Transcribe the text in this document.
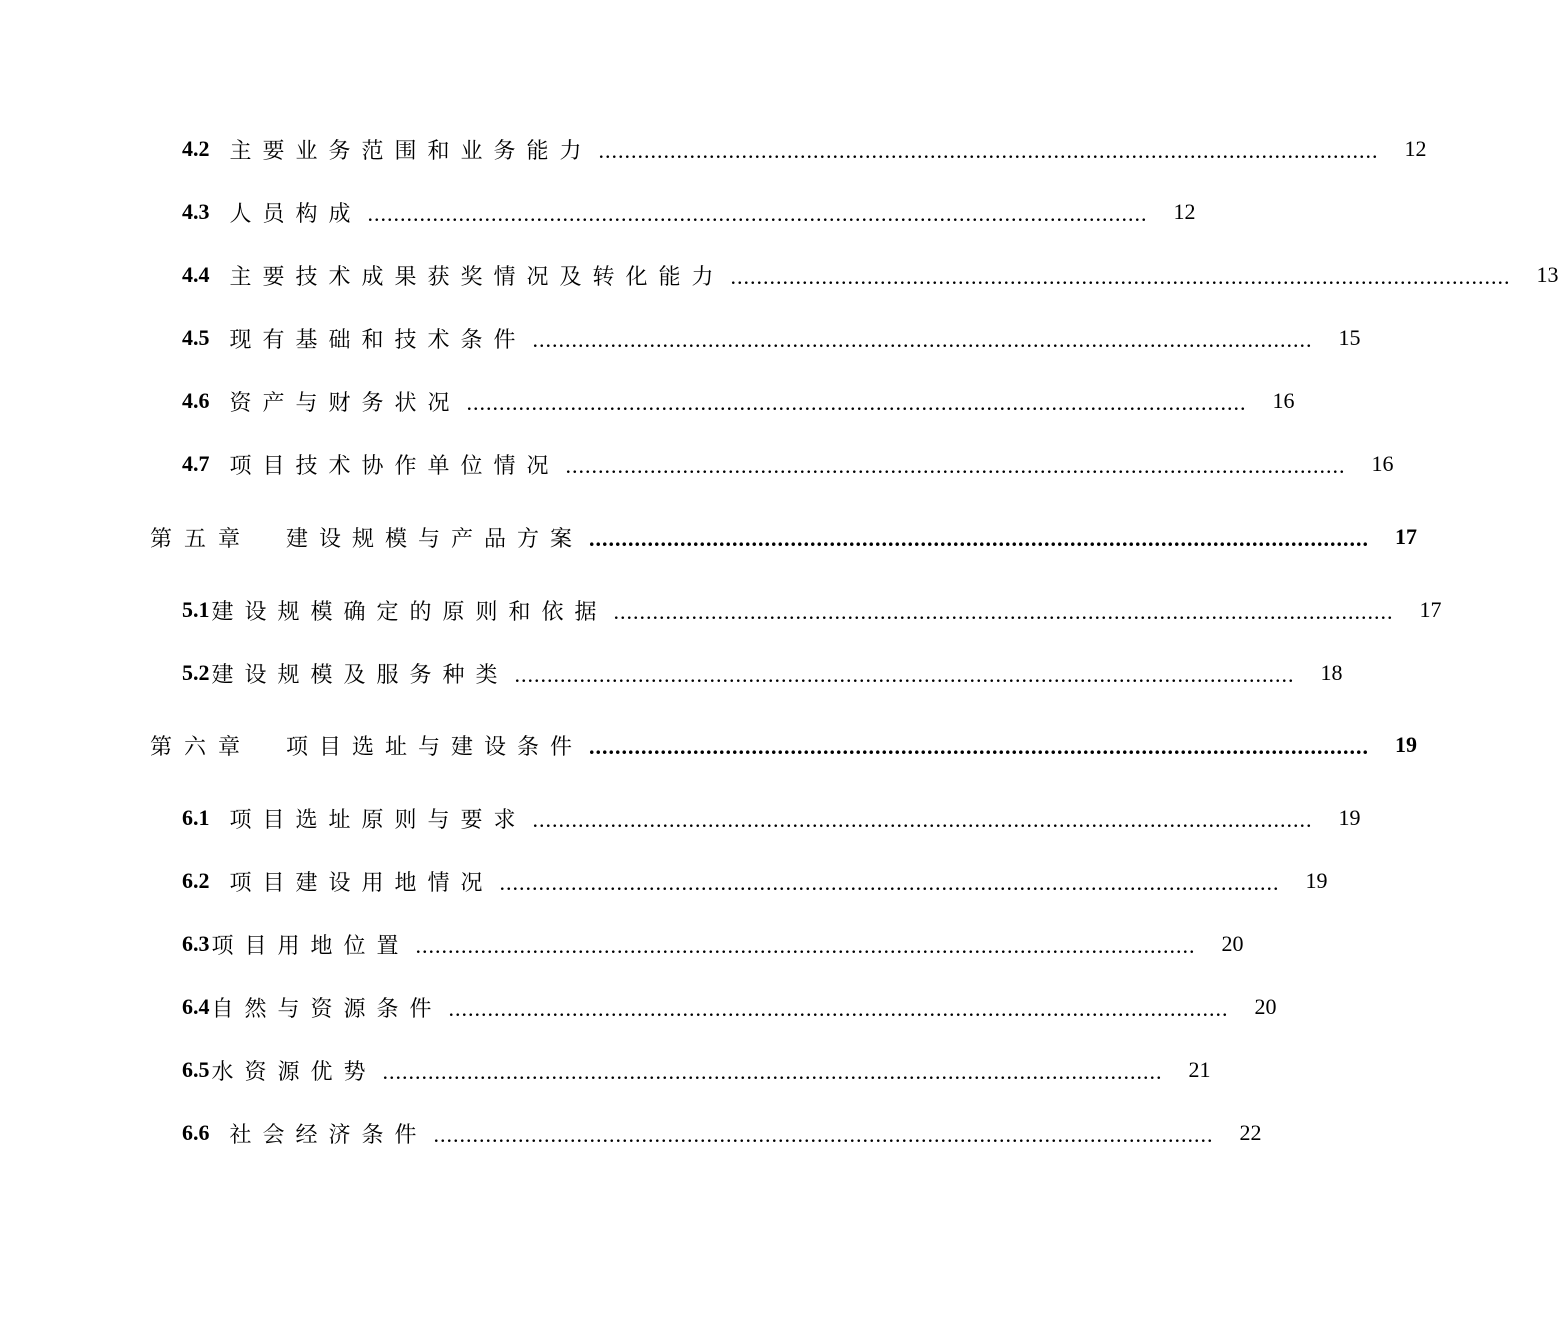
4.2 主要业务范围和业务能力 ........................................................................................................................	12
4.3 人员构成 ........................................................................................................................	12
4.4 主要技术成果获奖情况及转化能力 ........................................................................................................................	13
4.5 现有基础和技术条件 ........................................................................................................................	15
4.6 资产与财务状况 ........................................................................................................................	16
4.7 项目技术协作单位情况 ........................................................................................................................	16
第五章 建设规模与产品方案 ........................................................................................................................	17
5.1 建设规模确定的原则和依据 ........................................................................................................................	17
5.2 建设规模及服务种类 ........................................................................................................................	18
第六章 项目选址与建设条件 ........................................................................................................................	19
6.1 项目选址原则与要求 ........................................................................................................................	19
6.2 项目建设用地情况 ........................................................................................................................	19
6.3 项目用地位置 ........................................................................................................................	20
6.4 自然与资源条件 ........................................................................................................................	20
6.5 水资源优势 ........................................................................................................................	21
6.6 社会经济条件 ........................................................................................................................	22
